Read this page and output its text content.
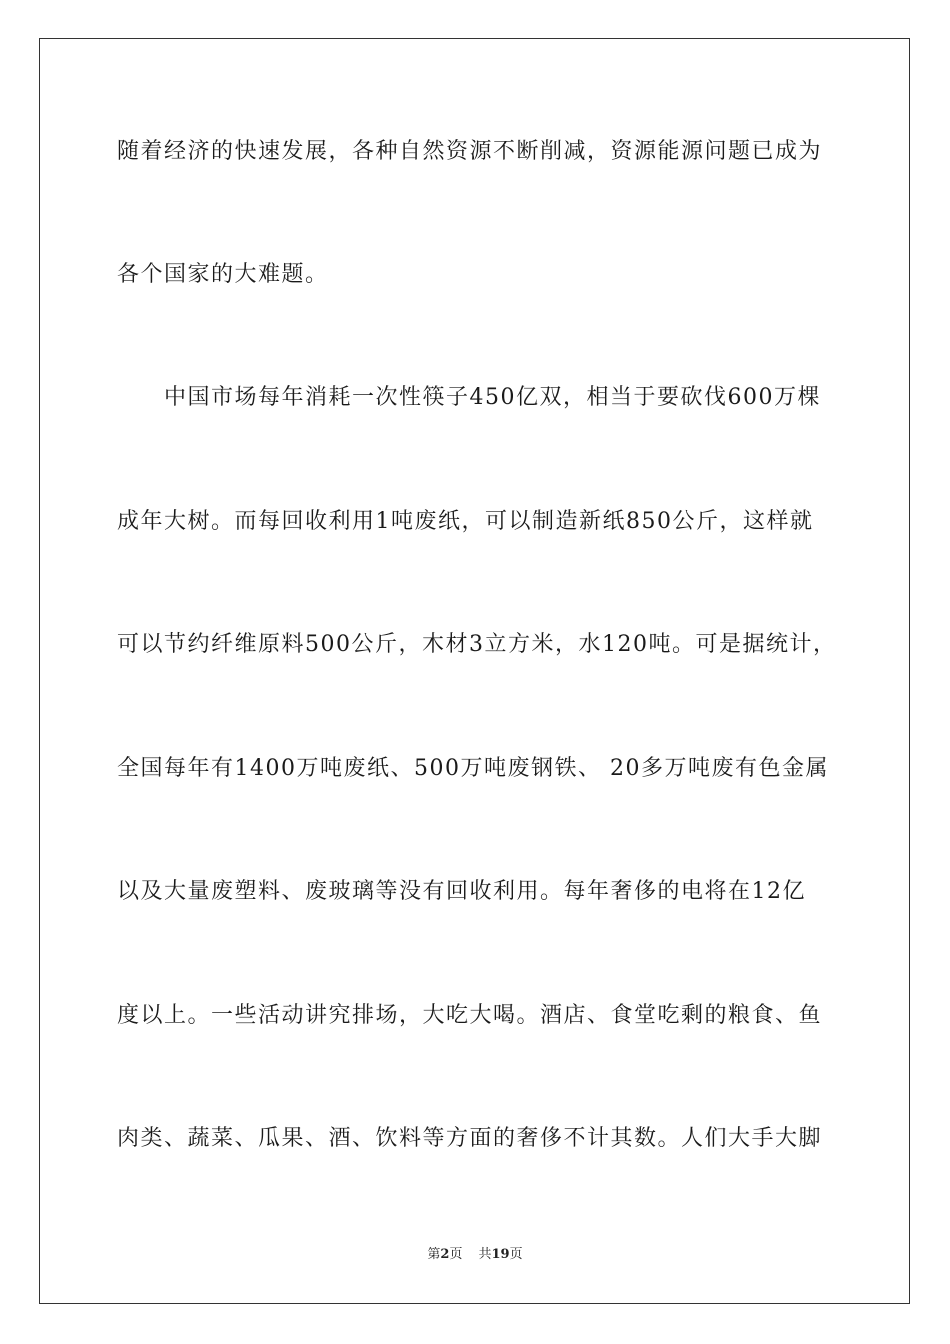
随着经济的快速发展，各种自然资源不断削减，资源能源问题已成为
各个国家的大难题。
　　中国市场每年消耗一次性筷子450亿双，相当于要砍伐600万棵
成年大树。而每回收利用1吨废纸，可以制造新纸850公斤，这样就
可以节约纤维原料500公斤，木材3立方米，水120吨。可是据统计，
全国每年有1400万吨废纸、500万吨废钢铁、 20多万吨废有色金属
以及大量废塑料、废玻璃等没有回收利用。每年奢侈的电将在12亿
度以上。一些活动讲究排场，大吃大喝。酒店、食堂吃剩的粮食、鱼
肉类、蔬菜、瓜果、酒、饮料等方面的奢侈不计其数。人们大手大脚
第2页 共19页
